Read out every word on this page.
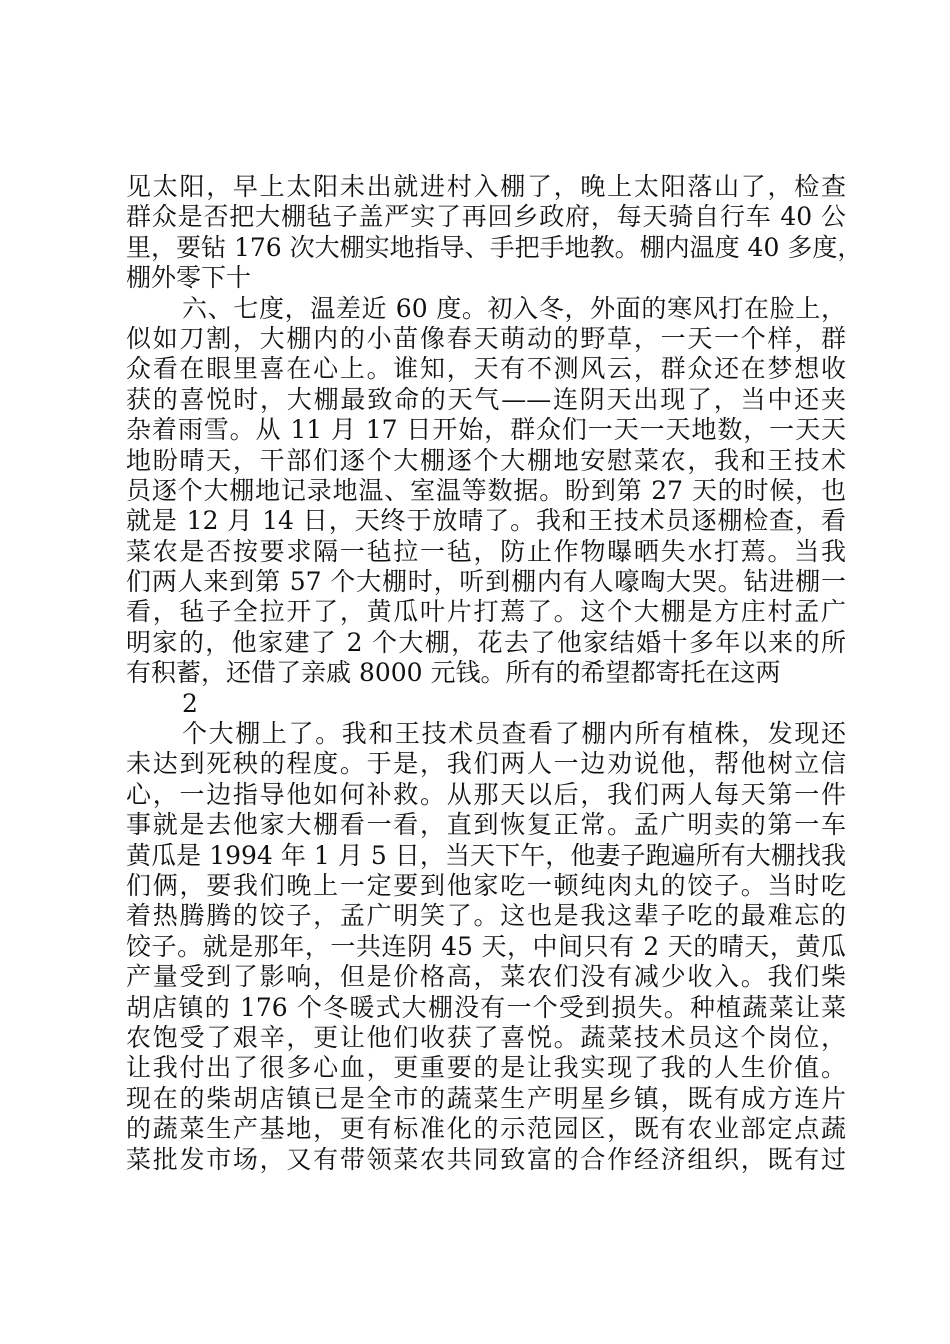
见太阳，早上太阳未出就进村入棚了，晚上太阳落山了，检查
群众是否把大棚毡子盖严实了再回乡政府，每天骑自行车 40 公
里，要钻 176 次大棚实地指导、手把手地教。棚内温度 40 多度，
棚外零下十
六、七度，温差近 60 度。初入冬，外面的寒风打在脸上，
似如刀割，大棚内的小苗像春天萌动的野草，一天一个样，群
众看在眼里喜在心上。谁知，天有不测风云，群众还在梦想收
获的喜悦时，大棚最致命的天气——连阴天出现了，当中还夹
杂着雨雪。从 11 月 17 日开始，群众们一天一天地数，一天天
地盼晴天，干部们逐个大棚逐个大棚地安慰菜农，我和王技术
员逐个大棚地记录地温、室温等数据。盼到第 27 天的时候，也
就是 12 月 14 日，天终于放晴了。我和王技术员逐棚检查，看
菜农是否按要求隔一毡拉一毡，防止作物曝晒失水打蔫。当我
们两人来到第 57 个大棚时，听到棚内有人嚎啕大哭。钻进棚一
看，毡子全拉开了，黄瓜叶片打蔫了。这个大棚是方庄村孟广
明家的，他家建了 2 个大棚，花去了他家结婚十多年以来的所
有积蓄，还借了亲戚 8000 元钱。所有的希望都寄托在这两
2
个大棚上了。我和王技术员查看了棚内所有植株，发现还
未达到死秧的程度。于是，我们两人一边劝说他，帮他树立信
心，一边指导他如何补救。从那天以后，我们两人每天第一件
事就是去他家大棚看一看，直到恢复正常。孟广明卖的第一车
黄瓜是 1994 年 1 月 5 日，当天下午，他妻子跑遍所有大棚找我
们俩，要我们晚上一定要到他家吃一顿纯肉丸的饺子。当时吃
着热腾腾的饺子，孟广明笑了。这也是我这辈子吃的最难忘的
饺子。就是那年，一共连阴 45 天，中间只有 2 天的晴天，黄瓜
产量受到了影响，但是价格高，菜农们没有减少收入。我们柴
胡店镇的 176 个冬暖式大棚没有一个受到损失。种植蔬菜让菜
农饱受了艰辛，更让他们收获了喜悦。蔬菜技术员这个岗位，
让我付出了很多心血，更重要的是让我实现了我的人生价值。
现在的柴胡店镇已是全市的蔬菜生产明星乡镇，既有成方连片
的蔬菜生产基地，更有标准化的示范园区，既有农业部定点蔬
菜批发市场，又有带领菜农共同致富的合作经济组织，既有过
